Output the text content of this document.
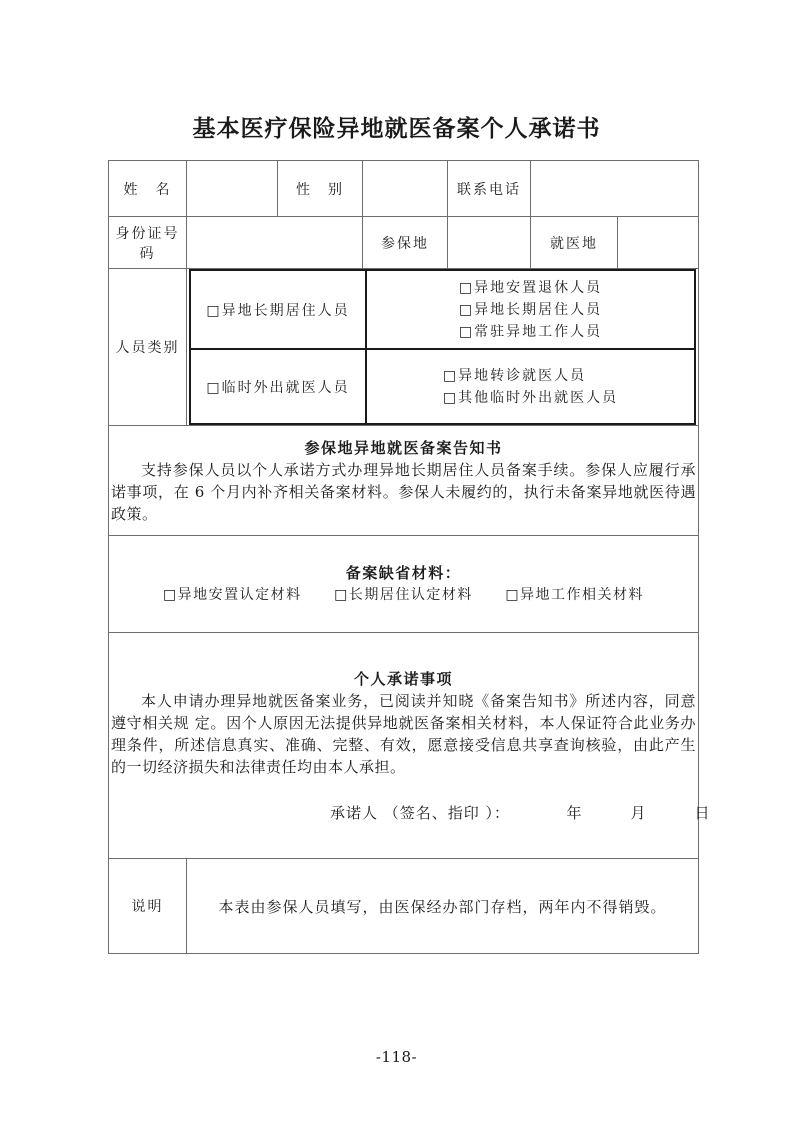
基本医疗保险异地就医备案个人承诺书
姓　名		性　别		联系电话	
身份证号码		参保地		就医地	
人员类别	
□异地长期居住人员

□异地安置退休人员
□异地长期居住人员
□常驻异地工作人员

□临时外出就医人员

□异地转诊就医人员
□其他临时外出就医人员

参保地异地就医备案告知书
支持参保人员以个人承诺方式办理异地长期居住人员备案手续。参保人应履行承诺事项，在 6 个月内补齐相关备案材料。参保人未履约的，执行未备案异地就医待遇政策。

备案缺省材料：
□异地安置认定材料 □长期居住认定材料 □异地工作相关材料

个人承诺事项
本人申请办理异地就医备案业务，已阅读并知晓《备案告知书》所述内容，同意遵守相关规 定。因个人原因无法提供异地就医备案相关材料，本人保证符合此业务办理条件，所述信息真实、准确、完整、有效，愿意接受信息共享查询核验，由此产生的一切经济损失和法律责任均由本人承担。
承诺人 （签名、指印 ）：　　　　年　　　月　　　日

说明	本表由参保人员填写，由医保经办部门存档，两年内不得销毁。
-118-
